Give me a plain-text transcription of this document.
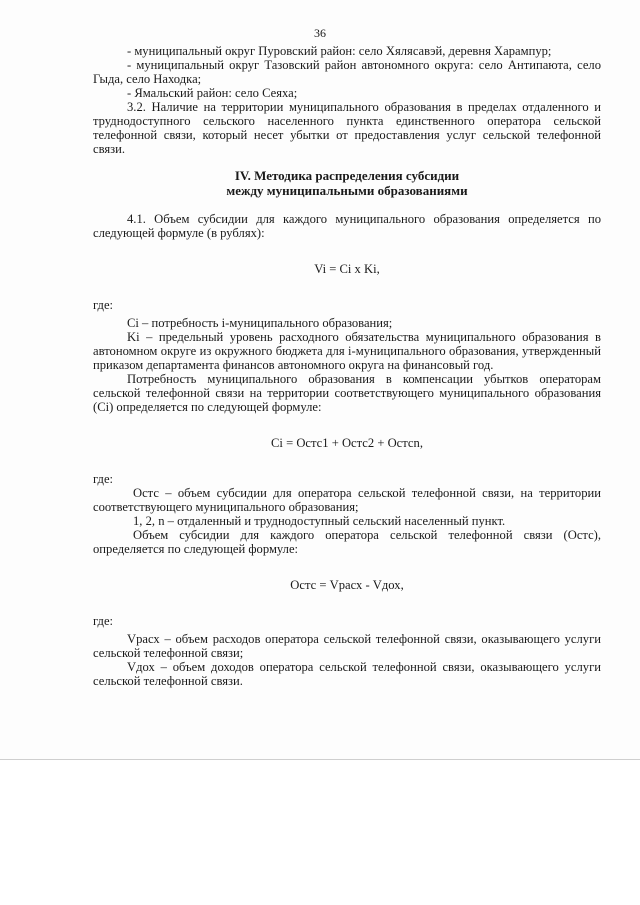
36

- муниципальный округ Пуровский район: село Хялясавэй, деревня Харампур;

- муниципальный округ Тазовский район автономного округа: село Антипаюта, село Гыда, село Находка;

- Ямальский район: село Сеяха;

3.2. Наличие на территории муниципального образования в пределах отдаленного и труднодоступного сельского населенного пункта единственного оператора сельской телефонной связи, который несет убытки от предоставления услуг сельской телефонной связи.

IV. Методика распределения субсидии
между муниципальными образованиями

4.1. Объем субсидии для каждого муниципального образования определяется по следующей формуле (в рублях):

Vi = Ci x Ki,

где:

Ci – потребность i-муниципального образования;

Ki – предельный уровень расходного обязательства муниципального образования в автономном округе из окружного бюджета для i-муниципального образования, утвержденный приказом департамента финансов автономного округа на финансовый год.

Потребность муниципального образования в компенсации убытков операторам сельской телефонной связи на территории соответствующего муниципального образования (Ci) определяется по следующей формуле:

Ci = Остс1 + Остс2 + Остсn,

где:

Остс – объем субсидии для оператора сельской телефонной связи, на территории соответствующего муниципального образования;

1, 2, n – отдаленный и труднодоступный сельский населенный пункт.

Объем субсидии для каждого оператора сельской телефонной связи (Остс), определяется по следующей формуле:

Остс = Vрасх - Vдох,

где:

Vрасх – объем расходов оператора сельской телефонной связи, оказывающего услуги сельской телефонной связи;

Vдох – объем доходов оператора сельской телефонной связи, оказывающего услуги сельской телефонной связи.
